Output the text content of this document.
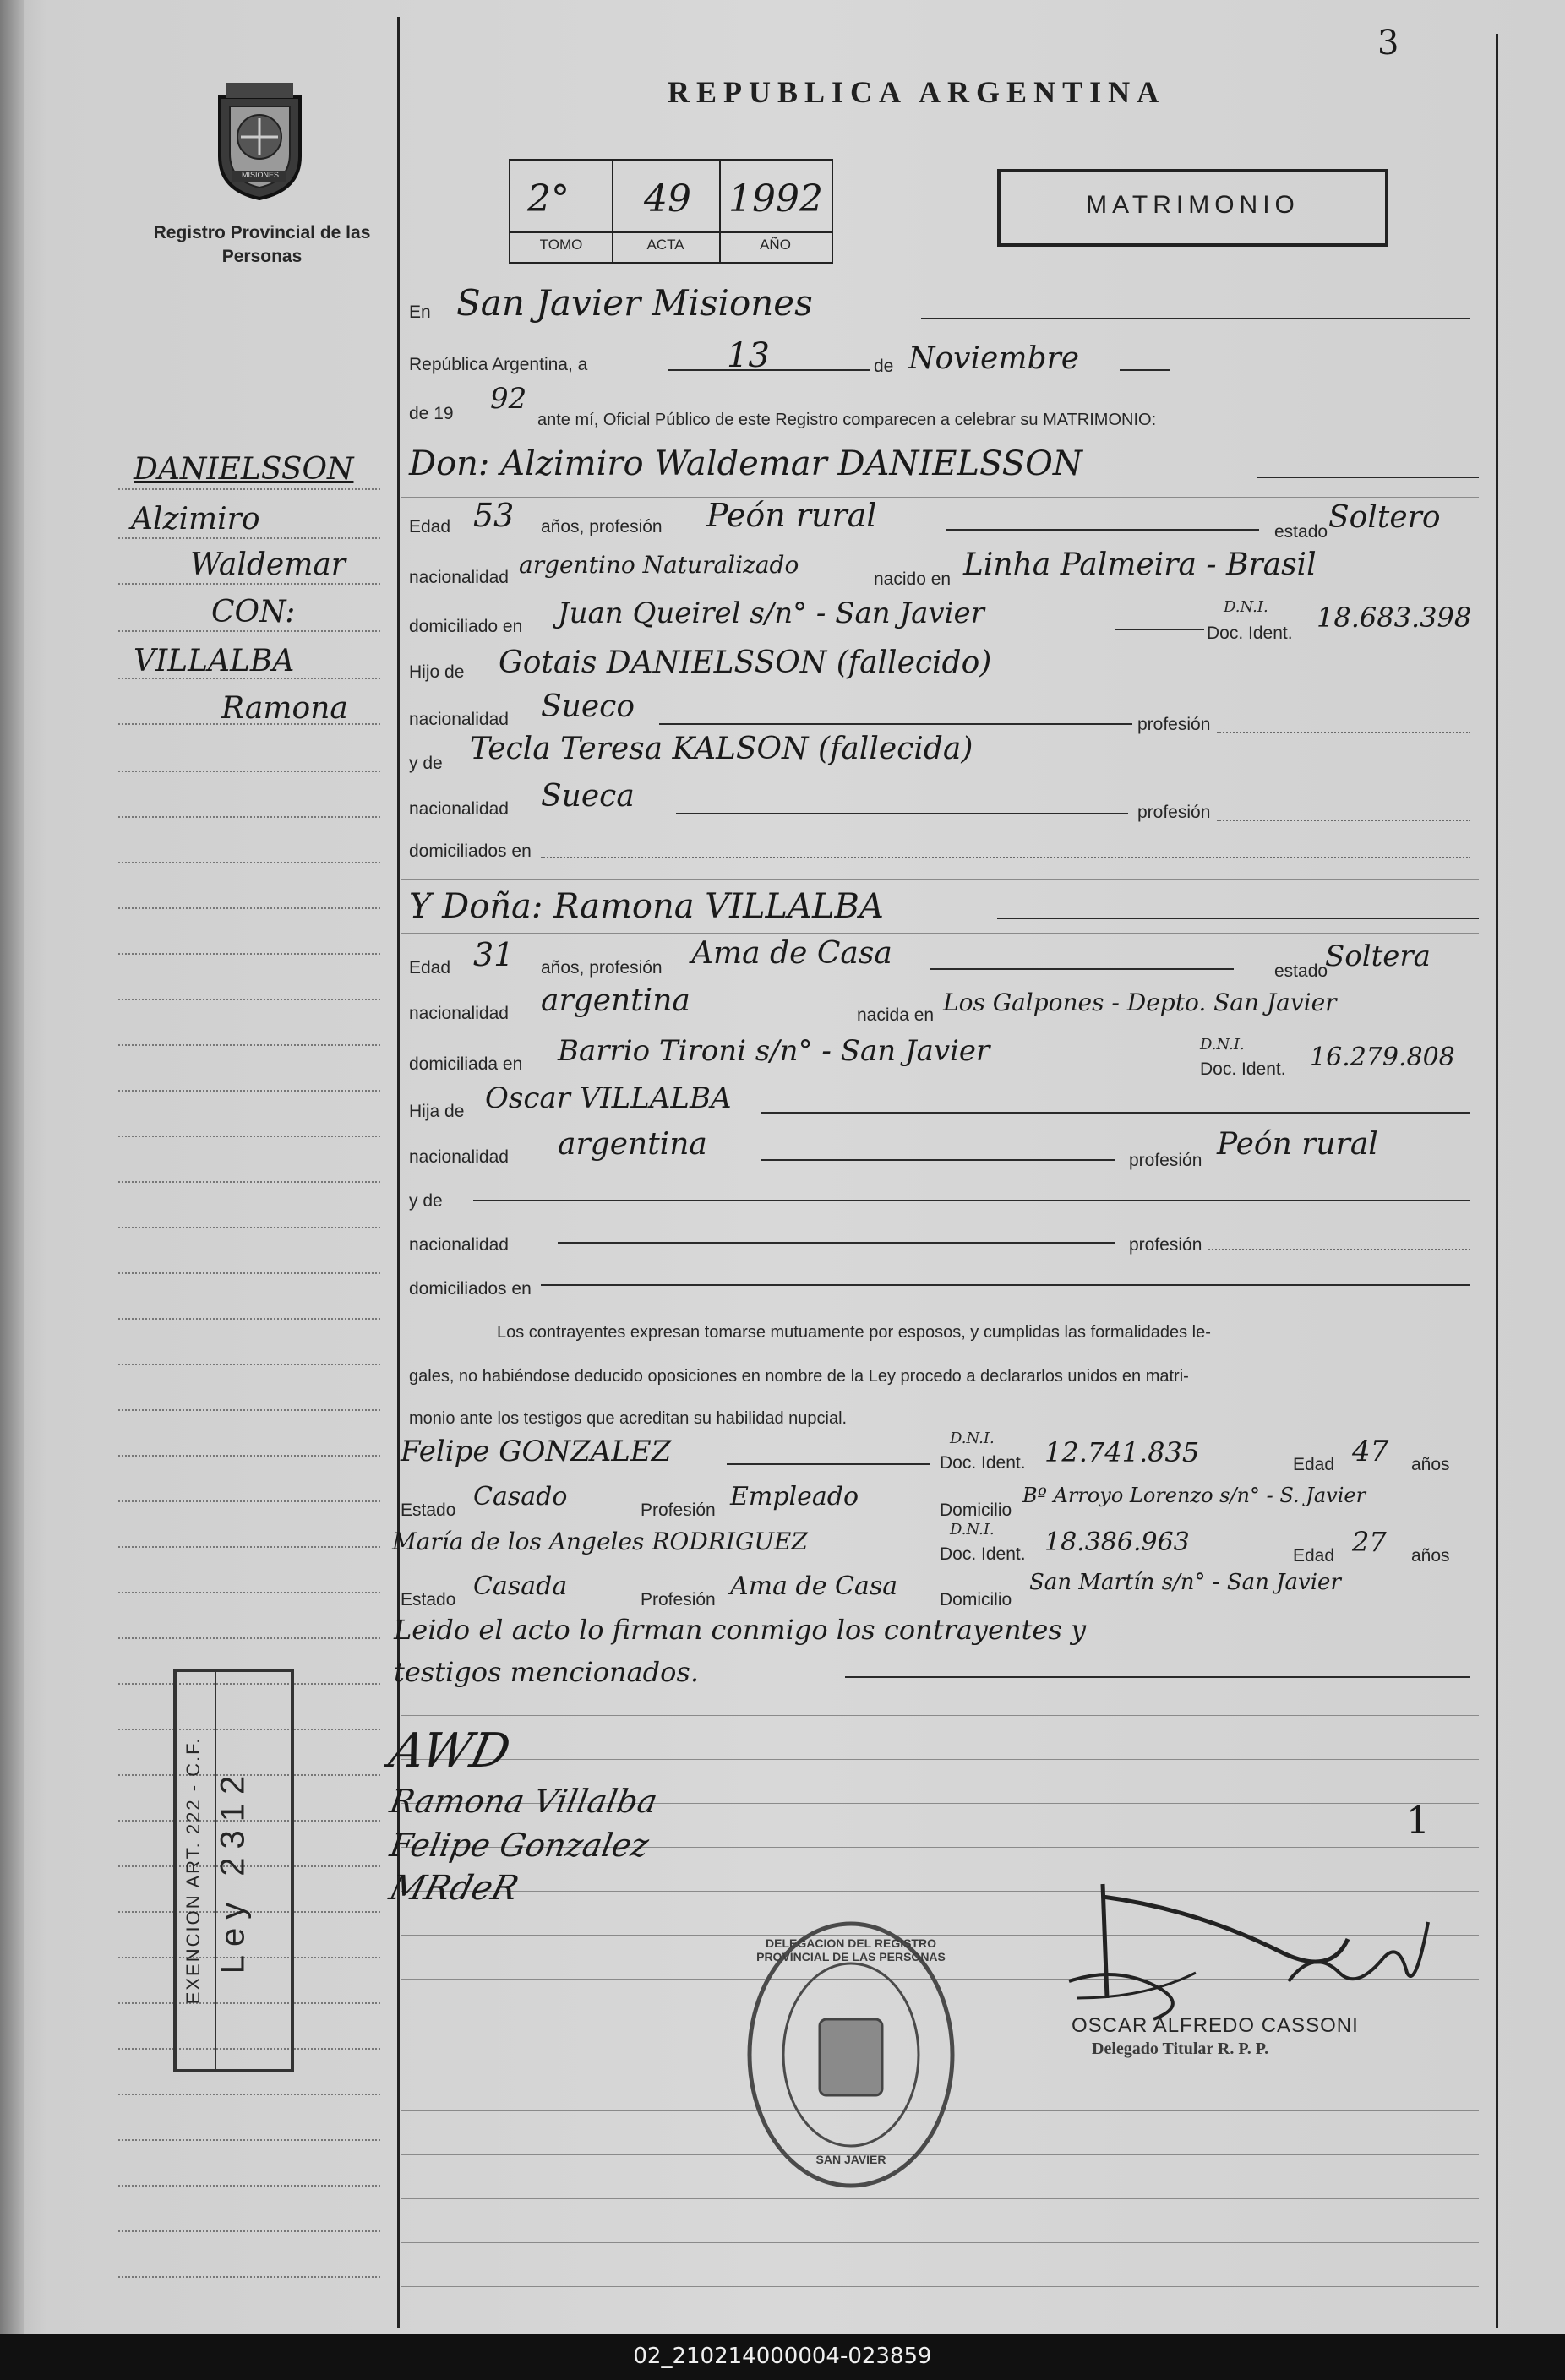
3
MISIONES
Registro Provincial de las Personas
REPUBLICA ARGENTINA
2° 49 1992
TOMO	ACTA	AÑO
MATRIMONIO
DANIELSSON
Alzimiro
Waldemar
CON:
VILLALBA
Ramona
En San Javier Misiones
República Argentina, a	13	de Noviembre
de 19 92
ante mí, Oficial Público de este Registro comparecen a celebrar su MATRIMONIO:
Don: Alzimiro Waldemar DANIELSSON
Edad 53 años, profesión Peón rural	estado Soltero
nacionalidad argentino Naturalizado
nacido en Linha Palmeira - Brasil
domiciliado en Juan Queirel s/n° - San Javier	D.N.I.
Doc. Ident. 18.683.398
Hijo de Gotais DANIELSSON (fallecido)
nacionalidad Sueco
profesión
y de Tecla Teresa KALSON (fallecida)
nacionalidad Sueca	profesión
domiciliados en
Y Doña: Ramona VILLALBA
Edad 31 años, profesión Ama de Casa
estado
Soltera
nacionalidad argentina	nacida en Los Galpones - Depto. San Javier
domiciliada en Barrio Tironi s/n° - San Javier	D.N.I.
Doc. Ident. 16.279.808
Hija de Oscar VILLALBA
nacionalidad argentina	profesión Peón rural
y de
nacionalidad	profesión
domiciliados en
Los contrayentes expresan tomarse mutuamente por esposos, y cumplidas las formalidades le-
gales, no habiéndose deducido oposiciones en nombre de la Ley procedo a declararlos unidos en matri-
monio ante los testigos que acreditan su habilidad nupcial.
Felipe GONZALEZ	D.N.I.
Doc. Ident. 12.741.835	Edad 47 años
Estado Casado	Profesión Empleado	Domicilio
Bº Arroyo Lorenzo s/n° - S. Javier
María de los Angeles RODRIGUEZ	D.N.I.
Doc. Ident. 18.386.963	Edad 27 años
Estado Casada	Profesión Ama de Casa Domicilio
San Martín s/n° - San Javier
Leido el acto lo firman conmigo los contrayentes y
testigos mencionados.
AWD
Ramona Villalba
Felipe Gonzalez
MRdeR
Ley 2312
EXENCION ART. 222 - C.F.	DELEGACION DEL REGISTRO PROVINCIAL DE LAS PERSONAS
SAN JAVIER
OSCAR ALFREDO CASSONI
Delegado Titular R. P. P.
1
02_210214000004-023859
